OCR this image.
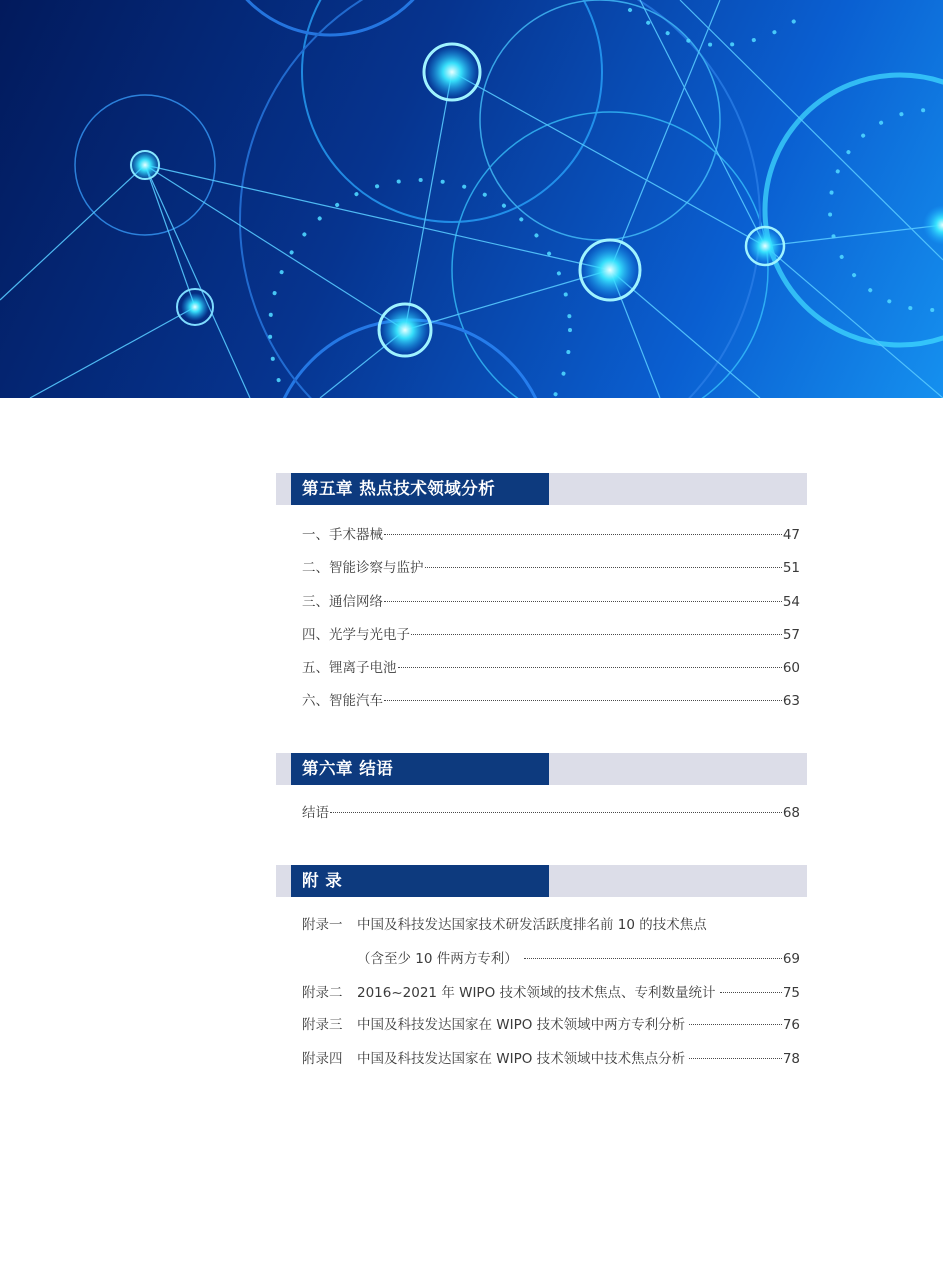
第五章 热点技术领域分析
一、手术器械	47
二、智能诊察与监护	51
三、通信网络	54
四、光学与光电子	57
五、锂离子电池	60
六、智能汽车	63
第六章 结语
结语	68
附 录
附录一 中国及科技发达国家技术研发活跃度排名前 10 的技术焦点
（含至少 10 件两方专利）	69
附录二	2016~2021 年 WIPO 技术领域的技术焦点、专利数量统计	75
附录三	中国及科技发达国家在 WIPO 技术领域中两方专利分析	76
附录四	中国及科技发达国家在 WIPO 技术领域中技术焦点分析	78
